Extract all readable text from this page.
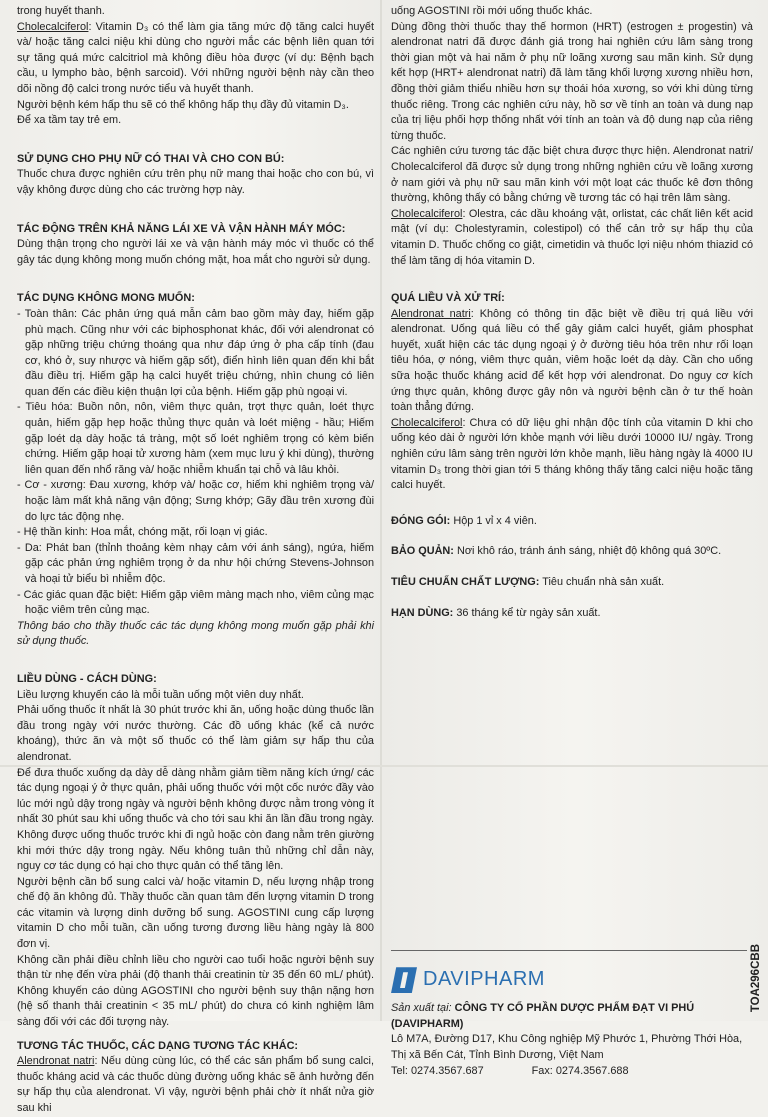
trong huyết thanh.

Cholecalciferol: Vitamin D₃ có thể làm gia tăng mức độ tăng calci huyết và/ hoặc tăng calci niệu khi dùng cho người mắc các bệnh liên quan tới sự tăng quá mức calcitriol mà không điều hòa được (ví dụ: Bệnh bạch cầu, u lympho bào, bệnh sarcoid). Với những người bệnh này cần theo dõi nồng độ calci trong nước tiểu và huyết thanh.

Người bệnh kém hấp thu sẽ có thể không hấp thụ đầy đủ vitamin D₃.

Để xa tầm tay trẻ em.

SỬ DỤNG CHO PHỤ NỮ CÓ THAI VÀ CHO CON BÚ:

Thuốc chưa được nghiên cứu trên phụ nữ mang thai hoặc cho con bú, vì vậy không được dùng cho các trường hợp này.

TÁC ĐỘNG TRÊN KHẢ NĂNG LÁI XE VÀ VẬN HÀNH MÁY MÓC:

Dùng thận trọng cho người lái xe và vận hành máy móc vì thuốc có thể gây tác dụng không mong muốn chóng mặt, hoa mắt cho người sử dụng.

TÁC DỤNG KHÔNG MONG MUỐN:

- Toàn thân: Các phản ứng quá mẫn cảm bao gồm mày đay, hiếm gặp phù mạch. Cũng như với các biphosphonat khác, đối với alendronat có gặp những triệu chứng thoáng qua như đáp ứng ở pha cấp tính (đau cơ, khó ở, suy nhược và hiếm gặp sốt), điển hình liên quan đến khi bắt đầu điều trị. Hiếm gặp hạ calci huyết triệu chứng, nhìn chung có liên quan đến các điều kiện thuận lợi của bệnh. Hiếm gặp phù ngoại vi.

- Tiêu hóa: Buồn nôn, nôn, viêm thực quản, trợt thực quản, loét thực quản, hiếm gặp hẹp hoặc thủng thực quản và loét miệng - hầu; Hiếm gặp loét dạ dày hoặc tá tràng, một số loét nghiêm trọng có kèm biến chứng. Hiếm gặp hoại tử xương hàm (xem mục lưu ý khi dùng), thường liên quan đến nhổ răng và/ hoặc nhiễm khuẩn tại chỗ và lâu khỏi.

- Cơ - xương: Đau xương, khớp và/ hoặc cơ, hiếm khi nghiêm trọng và/ hoặc làm mất khả năng vận động; Sưng khớp; Gãy đầu trên xương đùi do lực tác động nhẹ.

- Hệ thần kinh: Hoa mắt, chóng mặt, rối loạn vị giác.

- Da: Phát ban (thỉnh thoảng kèm nhạy cảm với ánh sáng), ngứa, hiếm gặp các phản ứng nghiêm trọng ở da như hội chứng Stevens-Johnson và hoại tử biểu bì nhiễm độc.

- Các giác quan đặc biệt: Hiếm gặp viêm màng mạch nho, viêm củng mạc hoặc viêm trên củng mạc.

Thông báo cho thầy thuốc các tác dụng không mong muốn gặp phải khi sử dụng thuốc.

LIỀU DÙNG - CÁCH DÙNG:

Liều lượng khuyến cáo là mỗi tuần uống một viên duy nhất.

Phải uống thuốc ít nhất là 30 phút trước khi ăn, uống hoặc dùng thuốc lần đầu trong ngày với nước thường. Các đồ uống khác (kể cả nước khoáng), thức ăn và một số thuốc có thể làm giảm sự hấp thu của alendronat.

Để đưa thuốc xuống dạ dày dễ dàng nhằm giảm tiềm năng kích ứng/ các tác dụng ngoại ý ở thực quản, phải uống thuốc với một cốc nước đầy vào lúc mới ngủ dậy trong ngày và người bệnh không được nằm trong vòng ít nhất 30 phút sau khi uống thuốc và cho tới sau khi ăn lần đầu trong ngày. Không được uống thuốc trước khi đi ngủ hoặc còn đang nằm trên giường khi mới thức dậy trong ngày. Nếu không tuân thủ những chỉ dẫn này, nguy cơ tác dụng có hại cho thực quản có thể tăng lên.

Người bệnh cần bổ sung calci và/ hoặc vitamin D, nếu lượng nhập trong chế độ ăn không đủ. Thầy thuốc cần quan tâm đến lượng vitamin D trong các vitamin và lượng dinh dưỡng bổ sung. AGOSTINI cung cấp lượng vitamin D cho mỗi tuần, cần uống tương đương liều hàng ngày là 800 đơn vị.

Không cần phải điều chỉnh liều cho người cao tuổi hoặc người bệnh suy thận từ nhẹ đến vừa phải (độ thanh thải creatinin từ 35 đến 60 mL/ phút). Không khuyến cáo dùng AGOSTINI cho người bệnh suy thận nặng hơn (hệ số thanh thải creatinin < 35 mL/ phút) do chưa có kinh nghiệm lâm sàng đối với các đối tượng này.

TƯƠNG TÁC THUỐC, CÁC DẠNG TƯƠNG TÁC KHÁC:

Alendronat natri: Nếu dùng cùng lúc, có thể các sản phẩm bổ sung calci, thuốc kháng acid và các thuốc dùng đường uống khác sẽ ảnh hưởng đến sự hấp thụ của alendronat. Vì vậy, người bệnh phải chờ ít nhất nửa giờ sau khi

uống AGOSTINI rồi mới uống thuốc khác.

Dùng đồng thời thuốc thay thế hormon (HRT) (estrogen ± progestin) và alendronat natri đã được đánh giá trong hai nghiên cứu lâm sàng trong thời gian một và hai năm ở phụ nữ loãng xương sau mãn kinh. Sử dụng kết hợp (HRT+ alendronat natri) đã làm tăng khối lượng xương nhiều hơn, đồng thời giảm thiểu nhiều hơn sự thoái hóa xương, so với khi dùng từng thuốc riêng. Trong các nghiên cứu này, hồ sơ về tính an toàn và dung nạp của trị liệu phối hợp thống nhất với tính an toàn và độ dung nạp của riêng từng thuốc.

Các nghiên cứu tương tác đặc biệt chưa được thực hiện. Alendronat natri/ Cholecalciferol đã được sử dụng trong những nghiên cứu về loãng xương ở nam giới và phụ nữ sau mãn kinh với một loạt các thuốc kê đơn thông thường, không thấy có bằng chứng về tương tác có hại trên lâm sàng.

Cholecalciferol: Olestra, các dầu khoáng vật, orlistat, các chất liên kết acid mật (ví dụ: Cholestyramin, colestipol) có thể cản trở sự hấp thụ của vitamin D. Thuốc chống co giật, cimetidin và thuốc lợi niệu nhóm thiazid có thể làm tăng dị hóa vitamin D.

QUÁ LIỀU VÀ XỬ TRÍ:

Alendronat natri: Không có thông tin đặc biệt về điều trị quá liều với alendronat. Uống quá liều có thể gây giảm calci huyết, giảm phosphat huyết, xuất hiện các tác dụng ngoại ý ở đường tiêu hóa trên như rối loạn tiêu hóa, ợ nóng, viêm thực quản, viêm hoặc loét dạ dày. Cần cho uống sữa hoặc thuốc kháng acid để kết hợp với alendronat. Do nguy cơ kích ứng thực quản, không được gây nôn và người bệnh cần ở tư thế hoàn toàn thẳng đứng.

Cholecalciferol: Chưa có dữ liệu ghi nhận độc tính của vitamin D khi cho uống kéo dài ở người lớn khỏe mạnh với liều dưới 10000 IU/ ngày. Trong nghiên cứu lâm sàng trên người lớn khỏe mạnh, liều hàng ngày là 4000 IU vitamin D₃ trong thời gian tới 5 tháng không thấy tăng calci niệu hoặc tăng calci huyết.

ĐÓNG GÓI: Hộp 1 vỉ x 4 viên.

BẢO QUẢN: Nơi khô ráo, tránh ánh sáng, nhiệt độ không quá 30ºC.

TIÊU CHUẨN CHẤT LƯỢNG: Tiêu chuẩn nhà sản xuất.

HẠN DÙNG: 36 tháng kể từ ngày sản xuất.

DAVIPHARM

Sản xuất tại: CÔNG TY CỔ PHẦN DƯỢC PHẨM ĐẠT VI PHÚ (DAVIPHARM)

Lô M7A, Đường D17, Khu Công nghiệp Mỹ Phước 1, Phường Thới Hòa,

Thị xã Bến Cát, Tỉnh Bình Dương, Việt Nam

Tel: 0274.3567.687	Fax: 0274.3567.688

TOA296CBB
